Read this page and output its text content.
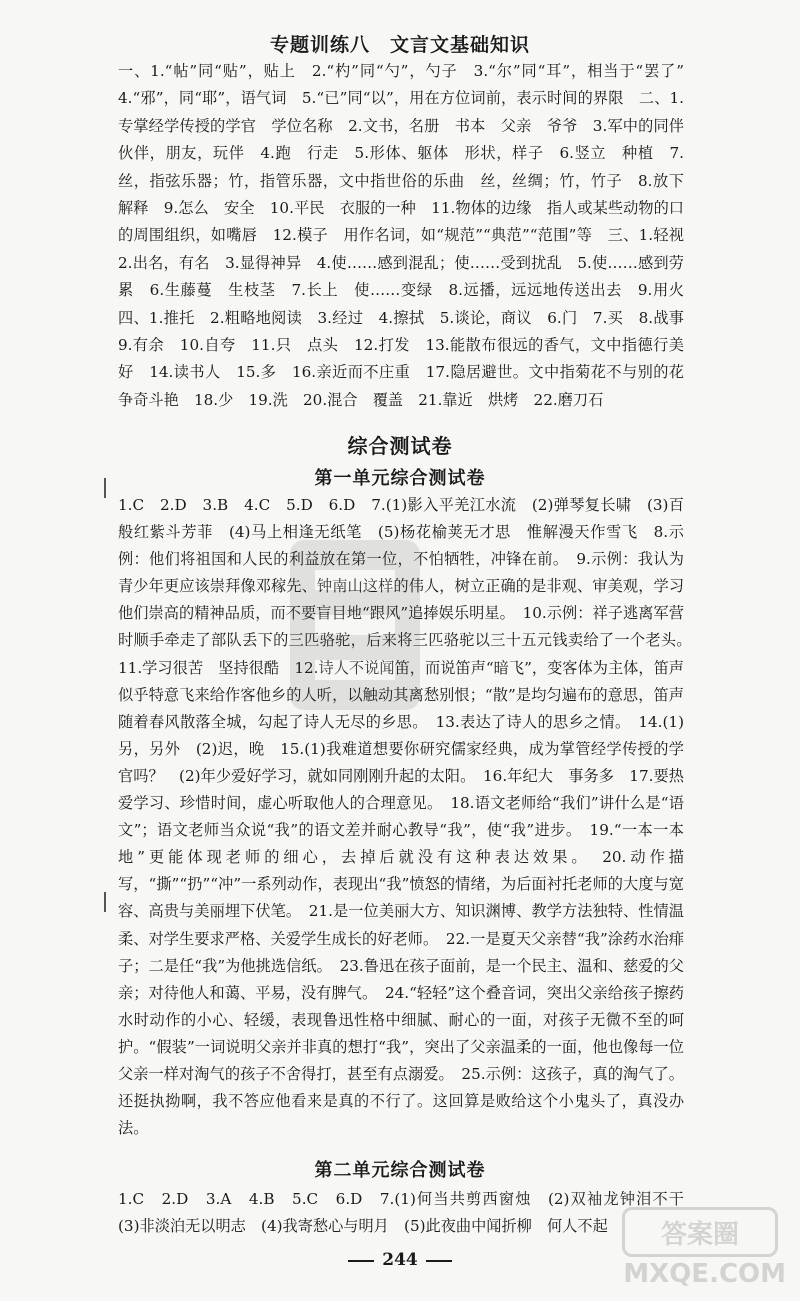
专题训练八　文言文基础知识

一、1.“帖”同“贴”，贴上　2.“杓”同“勺”，勺子　3.“尔”同“耳”，相当于“罢了”　4.“邪”，同“耶”，语气词　5.“已”同“以”，用在方位词前，表示时间的界限　二、1.专掌经学传授的学官　学位名称　2.文书，名册　书本　父亲　爷爷　3.军中的同伴　伙伴，朋友，玩伴　4.跑　行走　5.形体、躯体　形状，样子　6.竖立　种植　7.丝，指弦乐器；竹，指管乐器，文中指世俗的乐曲　丝，丝绸；竹，竹子　8.放下　解释　9.怎么　安全　10.平民　衣服的一种　11.物体的边缘　指人或某些动物的口的周围组织，如嘴唇　12.模子　用作名词，如“规范”“典范”“范围”等　三、1.轻视　2.出名，有名　3.显得神异　4.使……感到混乱；使……受到扰乱　5.使……感到劳累　6.生藤蔓　生枝茎　7.长上　使……变绿　8.远播，远远地传送出去　9.用火　四、1.推托　2.粗略地阅读　3.经过　4.擦拭　5.谈论，商议　6.门　7.买　8.战事　9.有余　10.自夸　11.只　点头　12.打发　13.能散布很远的香气，文中指德行美好　14.读书人　15.多　16.亲近而不庄重　17.隐居避世。文中指菊花不与别的花争奇斗艳　18.少　19.洗　20.混合　覆盖　21.靠近　烘烤　22.磨刀石

综合测试卷
第一单元综合测试卷

1.C　2.D　3.B　4.C　5.D　6.D　7.(1)影入平羌江水流　(2)弹琴复长啸　(3)百般红紫斗芳菲　(4)马上相逢无纸笔　(5)杨花榆荚无才思　惟解漫天作雪飞　8.示例：他们将祖国和人民的利益放在第一位，不怕牺牲，冲锋在前。　9.示例：我认为青少年更应该崇拜像邓稼先、钟南山这样的伟人，树立正确的是非观、审美观，学习他们崇高的精神品质，而不要盲目地“跟风”追捧娱乐明星。　10.示例：祥子逃离军营时顺手牵走了部队丢下的三匹骆驼，后来将三匹骆驼以三十五元钱卖给了一个老头。　11.学习很苦　坚持很酷　12.诗人不说闻笛，而说笛声“暗飞”，变客体为主体，笛声似乎特意飞来给作客他乡的人听，以触动其离愁别恨；“散”是均匀遍布的意思，笛声随着春风散落全城，勾起了诗人无尽的乡思。　13.表达了诗人的思乡之情。　14.(1)另，另外　(2)迟，晚　15.(1)我难道想要你研究儒家经典，成为掌管经学传授的学官吗？　(2)年少爱好学习，就如同刚刚升起的太阳。　16.年纪大　事务多　17.要热爱学习、珍惜时间，虚心听取他人的合理意见。　18.语文老师给“我们”讲什么是“语文”；语文老师当众说“我”的语文差并耐心教导“我”，使“我”进步。　19.“一本一本地”更能体现老师的细心，去掉后就没有这种表达效果。　20.动作描写，“撕”“扔”“冲”一系列动作，表现出“我”愤怒的情绪，为后面衬托老师的大度与宽容、高贵与美丽埋下伏笔。　21.是一位美丽大方、知识渊博、教学方法独特、性情温柔、对学生要求严格、关爱学生成长的好老师。　22.一是夏天父亲替“我”涂药水治痱子；二是任“我”为他挑选信纸。　23.鲁迅在孩子面前，是一个民主、温和、慈爱的父亲；对待他人和蔼、平易，没有脾气。　24.“轻轻”这个叠音词，突出父亲给孩子擦药水时动作的小心、轻缓，表现鲁迅性格中细腻、耐心的一面，对孩子无微不至的呵护。“假装”一词说明父亲并非真的想打“我”，突出了父亲温柔的一面，他也像每一位父亲一样对淘气的孩子不舍得打，甚至有点溺爱。　25.示例：这孩子，真的淘气了。还挺执拗啊，我不答应他看来是真的不行了。这回算是败给这个小鬼头了，真没办法。

第二单元综合测试卷

1.C　2.D　3.A　4.B　5.C　6.D　7.(1)何当共剪西窗烛　(2)双袖龙钟泪不干　(3)非淡泊无以明志　(4)我寄愁心与明月　(5)此夜曲中闻折柳　何人不起

244
答案圈
MXQE.COM
